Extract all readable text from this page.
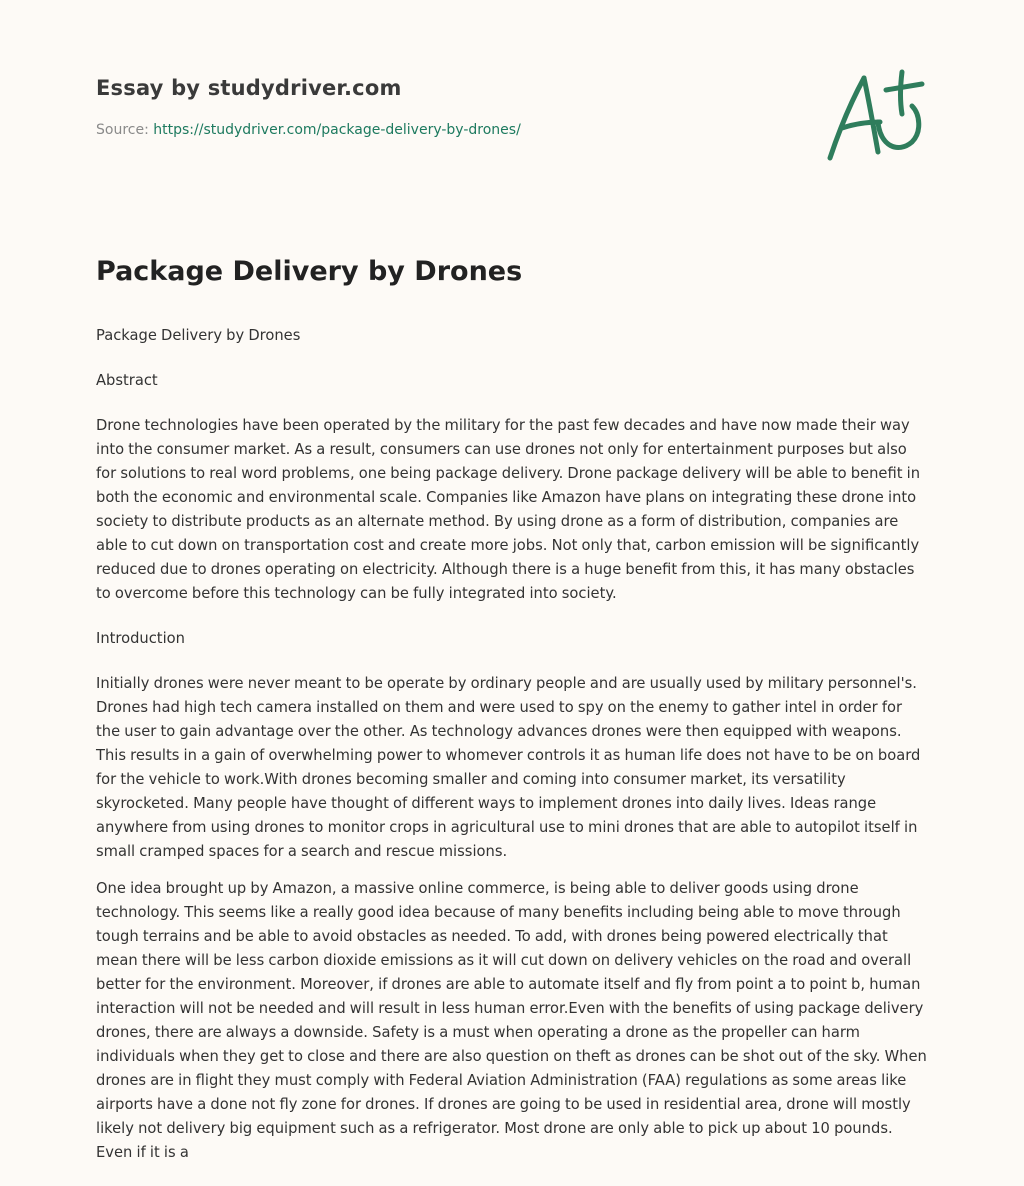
Essay by studydriver.com
Source: https://studydriver.com/package-delivery-by-drones/
Package Delivery by Drones

Package Delivery by Drones

Abstract

Drone technologies have been operated by the military for the past few decades and have now made their way into the consumer market. As a result, consumers can use drones not only for entertainment purposes but also for solutions to real word problems, one being package delivery. Drone package delivery will be able to benefit in both the economic and environmental scale. Companies like Amazon have plans on integrating these drone into society to distribute products as an alternate method. By using drone as a form of distribution, companies are able to cut down on transportation cost and create more jobs. Not only that, carbon emission will be significantly reduced due to drones operating on electricity. Although there is a huge benefit from this, it has many obstacles to overcome before this technology can be fully integrated into society.

Introduction

Initially drones were never meant to be operate by ordinary people and are usually used by military personnel's. Drones had high tech camera installed on them and were used to spy on the enemy to gather intel in order for the user to gain advantage over the other. As technology advances drones were then equipped with weapons. This results in a gain of overwhelming power to whomever controls it as human life does not have to be on board for the vehicle to work.With drones becoming smaller and coming into consumer market, its versatility skyrocketed. Many people have thought of different ways to implement drones into daily lives. Ideas range anywhere from using drones to monitor crops in agricultural use to mini drones that are able to autopilot itself in small cramped spaces for a search and rescue missions.

One idea brought up by Amazon, a massive online commerce, is being able to deliver goods using drone technology. This seems like a really good idea because of many benefits including being able to move through tough terrains and be able to avoid obstacles as needed. To add, with drones being powered electrically that mean there will be less carbon dioxide emissions as it will cut down on delivery vehicles on the road and overall better for the environment. Moreover, if drones are able to automate itself and fly from point a to point b, human interaction will not be needed and will result in less human error.Even with the benefits of using package delivery drones, there are always a downside. Safety is a must when operating a drone as the propeller can harm individuals when they get to close and there are also question on theft as drones can be shot out of the sky. When drones are in flight they must comply with Federal Aviation Administration (FAA) regulations as some areas like airports have a done not fly zone for drones. If drones are going to be used in residential area, drone will mostly likely not delivery big equipment such as a refrigerator. Most drone are only able to pick up about 10 pounds. Even if it is a
